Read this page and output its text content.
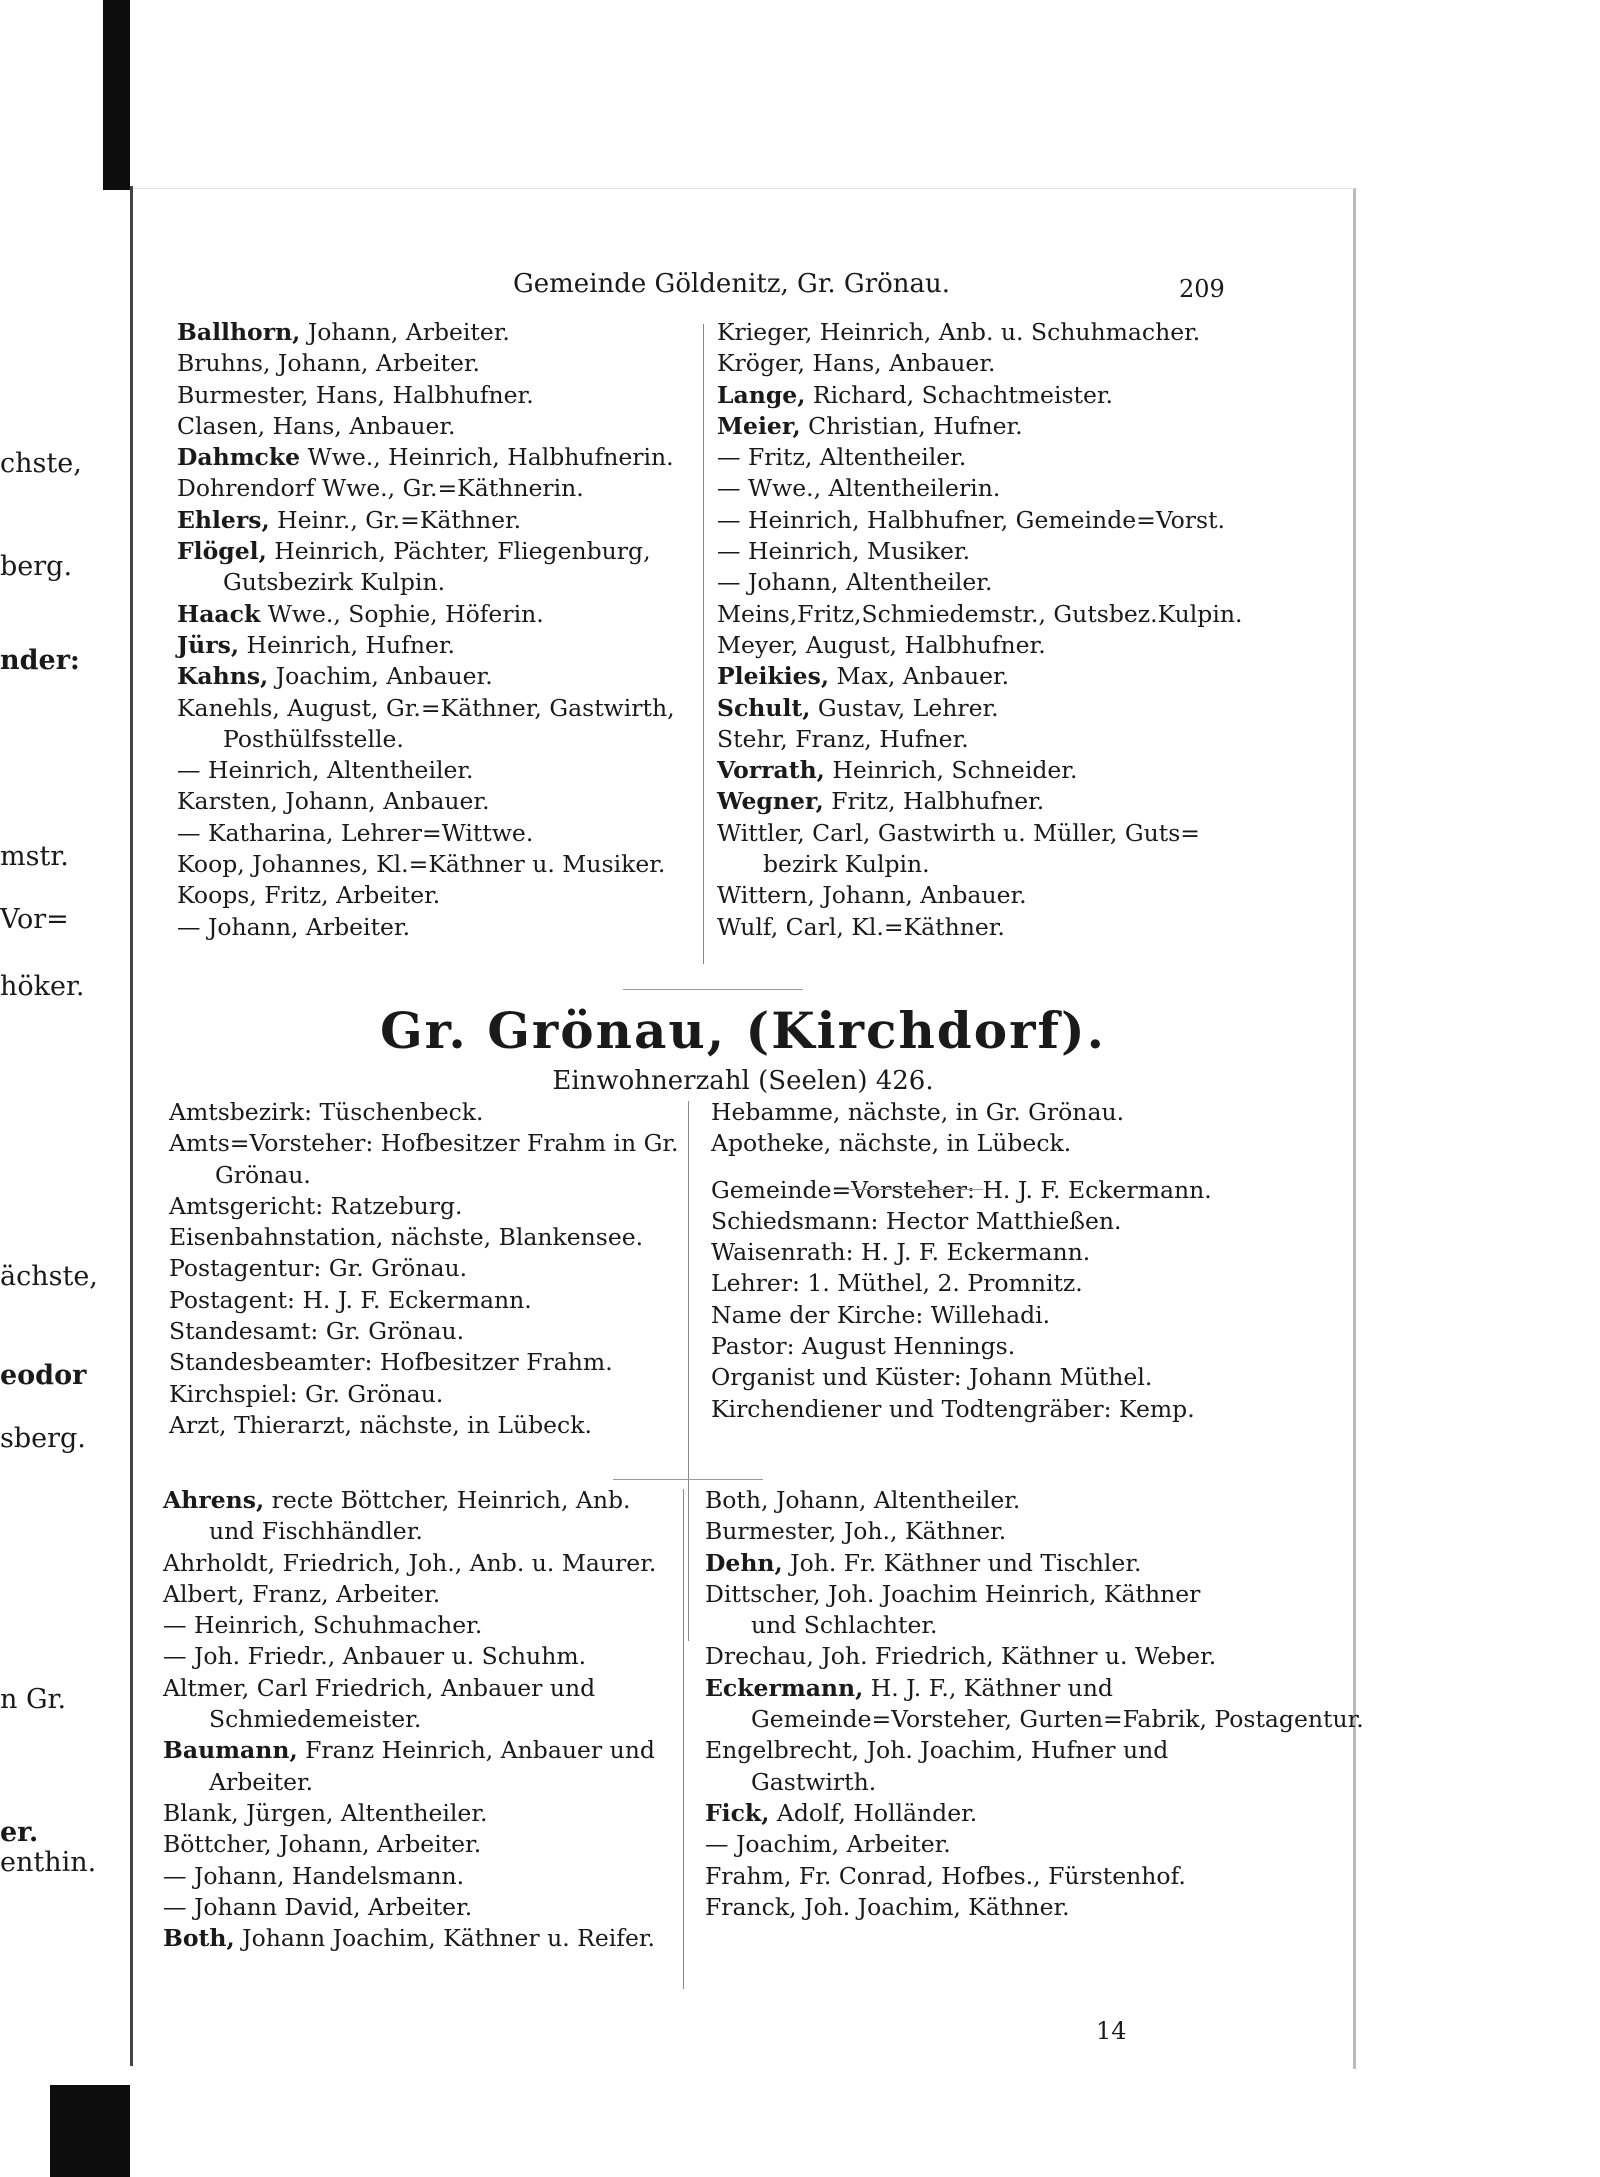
chste,
berg.
nder:
mstr.
Vor=
höker.
ächste,
eodor
sberg.
n Gr.
er.
enthin.
Gemeinde Göldenitz, Gr. Grönau.	209
Ballhorn, Johann, Arbeiter.
Bruhns, Johann, Arbeiter.
Burmester, Hans, Halbhufner.
Clasen, Hans, Anbauer.
Dahmcke Wwe., Heinrich, Halbhufnerin.
Dohrendorf Wwe., Gr.=Käthnerin.
Ehlers, Heinr., Gr.=Käthner.
Flögel, Heinrich, Pächter, Fliegenburg,
Gutsbezirk Kulpin.
Haack Wwe., Sophie, Höferin.
Jürs, Heinrich, Hufner.
Kahns, Joachim, Anbauer.
Kanehls, August, Gr.=Käthner, Gastwirth,
Posthülfsstelle.
— Heinrich, Altentheiler.
Karsten, Johann, Anbauer.
— Katharina, Lehrer=Wittwe.
Koop, Johannes, Kl.=Käthner u. Musiker.
Koops, Fritz, Arbeiter.
— Johann, Arbeiter.
Krieger, Heinrich, Anb. u. Schuhmacher.
Kröger, Hans, Anbauer.
Lange, Richard, Schachtmeister.
Meier, Christian, Hufner.
— Fritz, Altentheiler.
— Wwe., Altentheilerin.
— Heinrich, Halbhufner, Gemeinde=Vorst.
— Heinrich, Musiker.
— Johann, Altentheiler.
Meins,Fritz,Schmiedemstr., Gutsbez.Kulpin.
Meyer, August, Halbhufner.
Pleikies, Max, Anbauer.
Schult, Gustav, Lehrer.
Stehr, Franz, Hufner.
Vorrath, Heinrich, Schneider.
Wegner, Fritz, Halbhufner.
Wittler, Carl, Gastwirth u. Müller, Guts=
bezirk Kulpin.
Wittern, Johann, Anbauer.
Wulf, Carl, Kl.=Käthner.
Gr. Grönau, (Kirchdorf).
Einwohnerzahl (Seelen) 426.
Amtsbezirk: Tüschenbeck.
Amts=Vorsteher: Hofbesitzer Frahm in Gr.
Grönau.
Amtsgericht: Ratzeburg.
Eisenbahnstation, nächste, Blankensee.
Postagentur: Gr. Grönau.
Postagent: H. J. F. Eckermann.
Standesamt: Gr. Grönau.
Standesbeamter: Hofbesitzer Frahm.
Kirchspiel: Gr. Grönau.
Arzt, Thierarzt, nächste, in Lübeck.
Hebamme, nächste, in Gr. Grönau.
Apotheke, nächste, in Lübeck.
Gemeinde=Vorsteher: H. J. F. Eckermann.
Schiedsmann: Hector Matthießen.
Waisenrath: H. J. F. Eckermann.
Lehrer: 1. Müthel, 2. Promnitz.
Name der Kirche: Willehadi.
Pastor: August Hennings.
Organist und Küster: Johann Müthel.
Kirchendiener und Todtengräber: Kemp.
Ahrens, recte Böttcher, Heinrich, Anb.
und Fischhändler.
Ahrholdt, Friedrich, Joh., Anb. u. Maurer.
Albert, Franz, Arbeiter.
— Heinrich, Schuhmacher.
— Joh. Friedr., Anbauer u. Schuhm.
Altmer, Carl Friedrich, Anbauer und
Schmiedemeister.
Baumann, Franz Heinrich, Anbauer und
Arbeiter.
Blank, Jürgen, Altentheiler.
Böttcher, Johann, Arbeiter.
— Johann, Handelsmann.
— Johann David, Arbeiter.
Both, Johann Joachim, Käthner u. Reifer.
Both, Johann, Altentheiler.
Burmester, Joh., Käthner.
Dehn, Joh. Fr. Käthner und Tischler.
Dittscher, Joh. Joachim Heinrich, Käthner
und Schlachter.
Drechau, Joh. Friedrich, Käthner u. Weber.
Eckermann, H. J. F., Käthner und
Gemeinde=Vorsteher, Gurten=Fabrik, Postagentur.
Engelbrecht, Joh. Joachim, Hufner und
Gastwirth.
Fick, Adolf, Holländer.
— Joachim, Arbeiter.
Frahm, Fr. Conrad, Hofbes., Fürstenhof.
Franck, Joh. Joachim, Käthner.
14
